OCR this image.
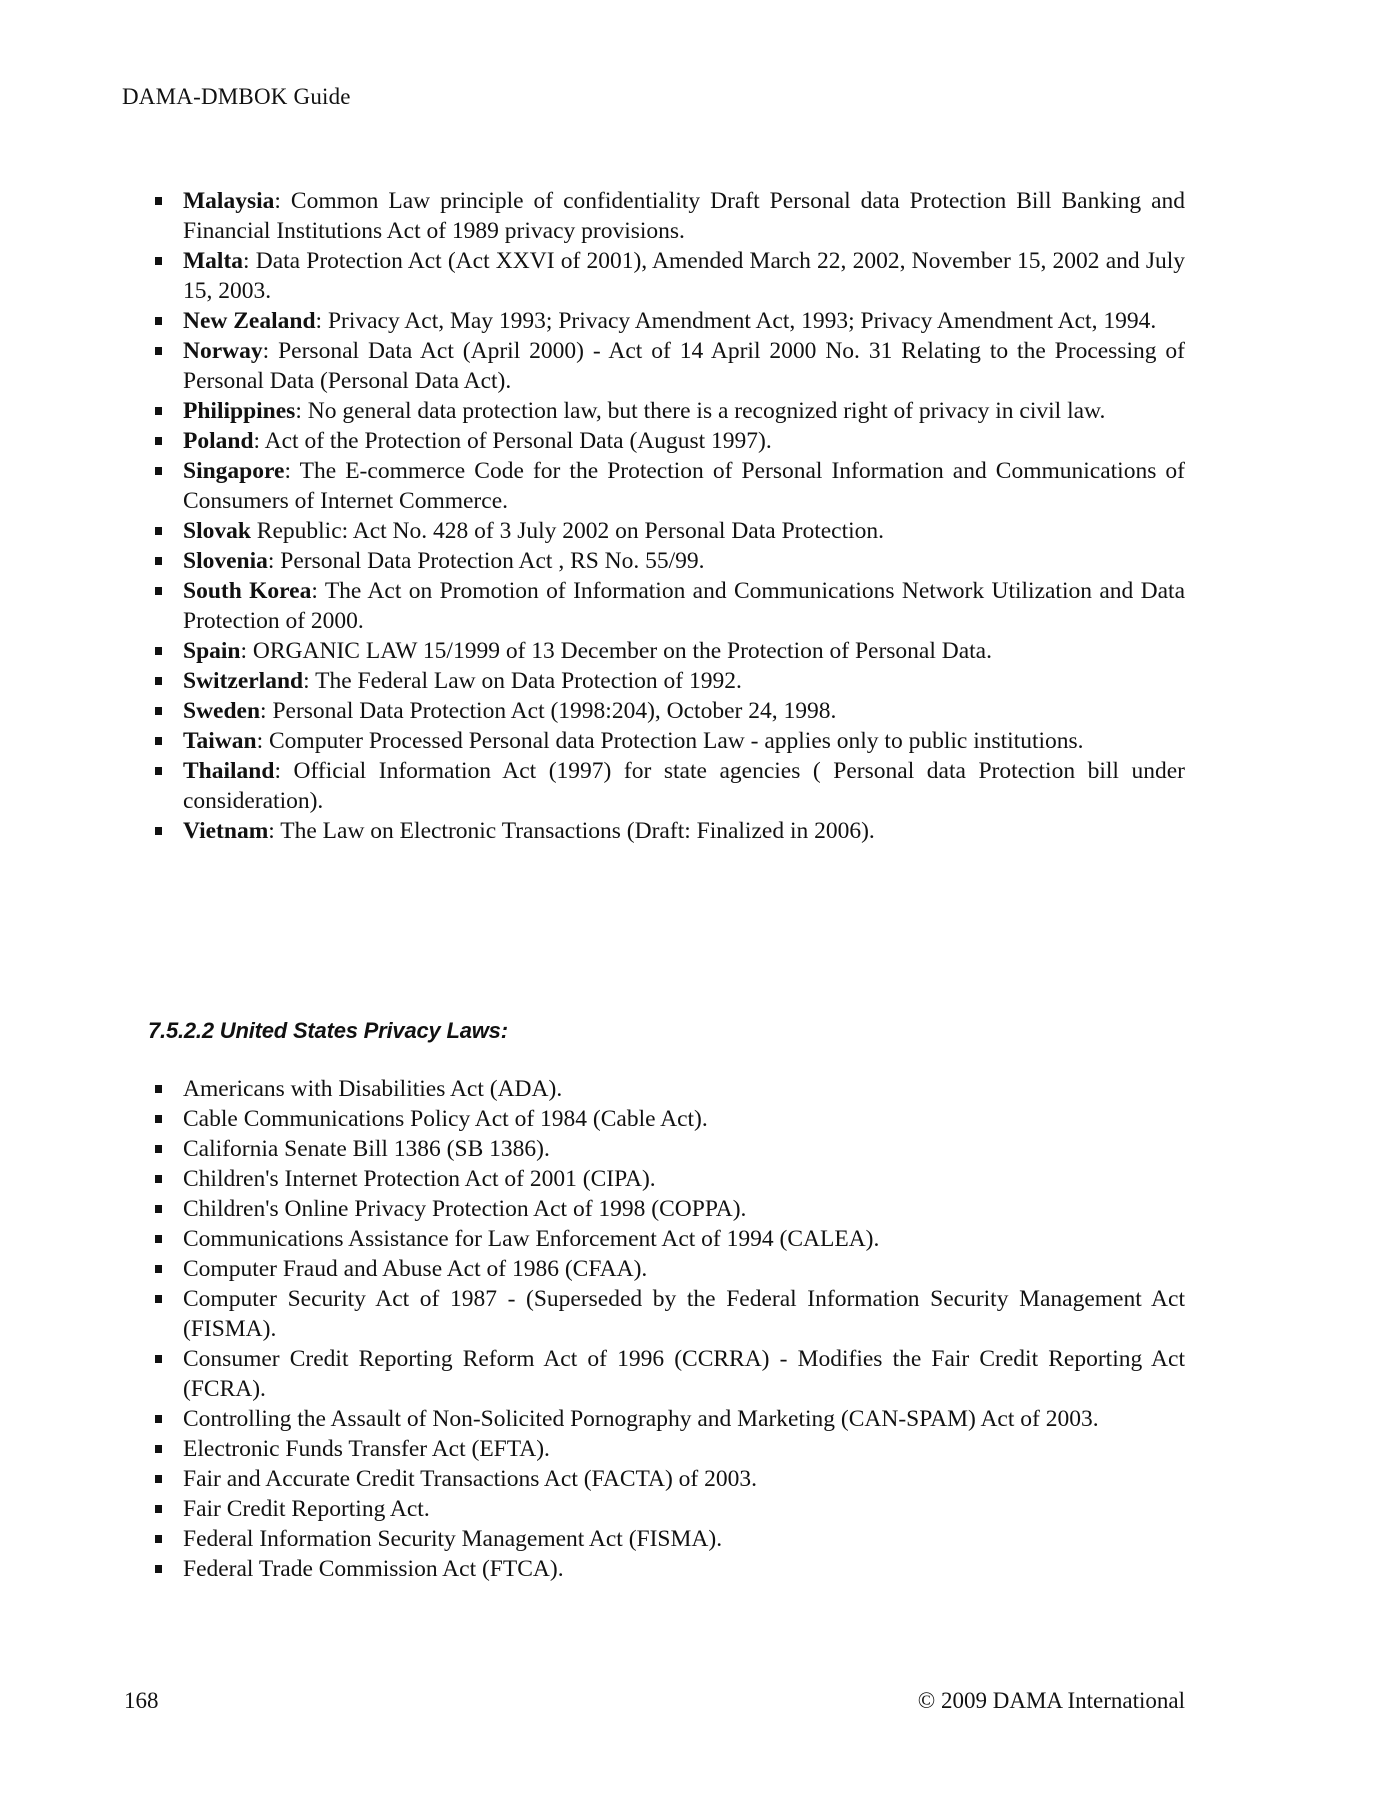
DAMA-DMBOK Guide
Malaysia: Common Law principle of confidentiality Draft Personal data Protection Bill Banking and Financial Institutions Act of 1989 privacy provisions.
Malta: Data Protection Act (Act XXVI of 2001), Amended March 22, 2002, November 15, 2002 and July 15, 2003.
New Zealand: Privacy Act, May 1993; Privacy Amendment Act, 1993; Privacy Amendment Act, 1994.
Norway: Personal Data Act (April 2000) - Act of 14 April 2000 No. 31 Relating to the Processing of Personal Data (Personal Data Act).
Philippines: No general data protection law, but there is a recognized right of privacy in civil law.
Poland: Act of the Protection of Personal Data (August 1997).
Singapore: The E-commerce Code for the Protection of Personal Information and Communications of Consumers of Internet Commerce.
Slovak Republic: Act No. 428 of 3 July 2002 on Personal Data Protection.
Slovenia: Personal Data Protection Act , RS No. 55/99.
South Korea: The Act on Promotion of Information and Communications Network Utilization and Data Protection of 2000.
Spain: ORGANIC LAW 15/1999 of 13 December on the Protection of Personal Data.
Switzerland: The Federal Law on Data Protection of 1992.
Sweden: Personal Data Protection Act (1998:204), October 24, 1998.
Taiwan: Computer Processed Personal data Protection Law - applies only to public institutions.
Thailand: Official Information Act (1997) for state agencies ( Personal data Protection bill under consideration).
Vietnam: The Law on Electronic Transactions (Draft: Finalized in 2006).
7.5.2.2 United States Privacy Laws:
Americans with Disabilities Act (ADA).
Cable Communications Policy Act of 1984 (Cable Act).
California Senate Bill 1386 (SB 1386).
Children's Internet Protection Act of 2001 (CIPA).
Children's Online Privacy Protection Act of 1998 (COPPA).
Communications Assistance for Law Enforcement Act of 1994 (CALEA).
Computer Fraud and Abuse Act of 1986 (CFAA).
Computer Security Act of 1987 - (Superseded by the Federal Information Security Management Act (FISMA).
Consumer Credit Reporting Reform Act of 1996 (CCRRA) - Modifies the Fair Credit Reporting Act (FCRA).
Controlling the Assault of Non-Solicited Pornography and Marketing (CAN-SPAM) Act of 2003.
Electronic Funds Transfer Act (EFTA).
Fair and Accurate Credit Transactions Act (FACTA) of 2003.
Fair Credit Reporting Act.
Federal Information Security Management Act (FISMA).
Federal Trade Commission Act (FTCA).
168	© 2009 DAMA International
